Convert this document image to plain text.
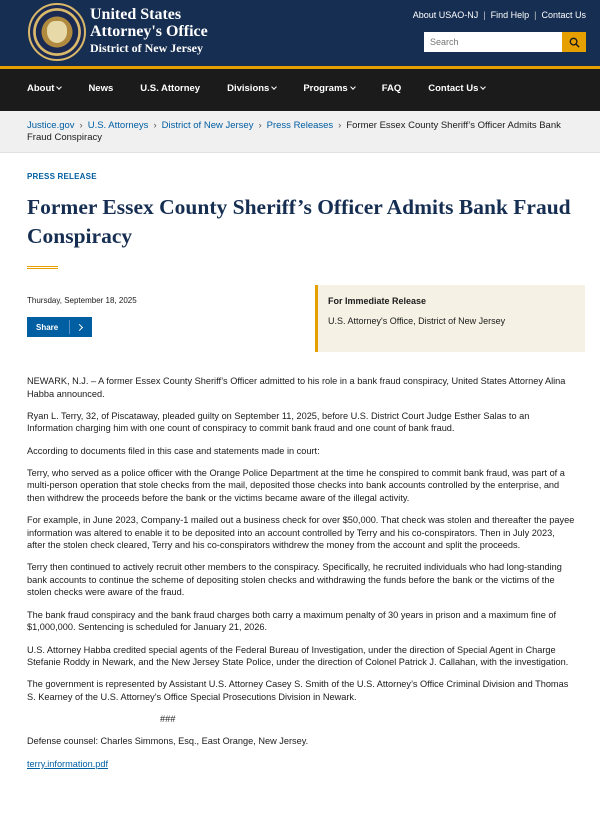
United States
Attorney's Office
District of New Jersey
About USAO-NJ | Find Help | Contact Us
Search
About	News	U.S. Attorney	Divisions	Programs	FAQ	Contact Us
Justice.gov › U.S. Attorneys › District of New Jersey › Press Releases › Former Essex County Sheriff’s Officer Admits Bank Fraud Conspiracy
PRESS RELEASE
Former Essex County Sheriff’s Officer Admits Bank Fraud Conspiracy
Thursday, September 18, 2025
Share
For Immediate Release
U.S. Attorney's Office, District of New Jersey

NEWARK, N.J. – A former Essex County Sheriff’s Officer admitted to his role in a bank fraud conspiracy, United States Attorney Alina Habba announced.

Ryan L. Terry, 32, of Piscataway, pleaded guilty on September 11, 2025, before U.S. District Court Judge Esther Salas to an Information charging him with one count of conspiracy to commit bank fraud and one count of bank fraud.

According to documents filed in this case and statements made in court:

Terry, who served as a police officer with the Orange Police Department at the time he conspired to commit bank fraud, was part of a multi-person operation that stole checks from the mail, deposited those checks into bank accounts controlled by the enterprise, and then withdrew the proceeds before the bank or the victims became aware of the illegal activity.

For example, in June 2023, Company-1 mailed out a business check for over $50,000. That check was stolen and thereafter the payee information was altered to enable it to be deposited into an account controlled by Terry and his co-conspirators. Then in July 2023, after the stolen check cleared, Terry and his co-conspirators withdrew the money from the account and split the proceeds.

Terry then continued to actively recruit other members to the conspiracy. Specifically, he recruited individuals who had long-standing bank accounts to continue the scheme of depositing stolen checks and withdrawing the funds before the bank or the victims of the stolen checks were aware of the fraud.

The bank fraud conspiracy and the bank fraud charges both carry a maximum penalty of 30 years in prison and a maximum fine of $1,000,000. Sentencing is scheduled for January 21, 2026.

U.S. Attorney Habba credited special agents of the Federal Bureau of Investigation, under the direction of Special Agent in Charge Stefanie Roddy in Newark, and the New Jersey State Police, under the direction of Colonel Patrick J. Callahan, with the investigation.

The government is represented by Assistant U.S. Attorney Casey S. Smith of the U.S. Attorney’s Office Criminal Division and Thomas S. Kearney of the U.S. Attorney’s Office Special Prosecutions Division in Newark.

###

Defense counsel: Charles Simmons, Esq., East Orange, New Jersey.

terry.information.pdf
